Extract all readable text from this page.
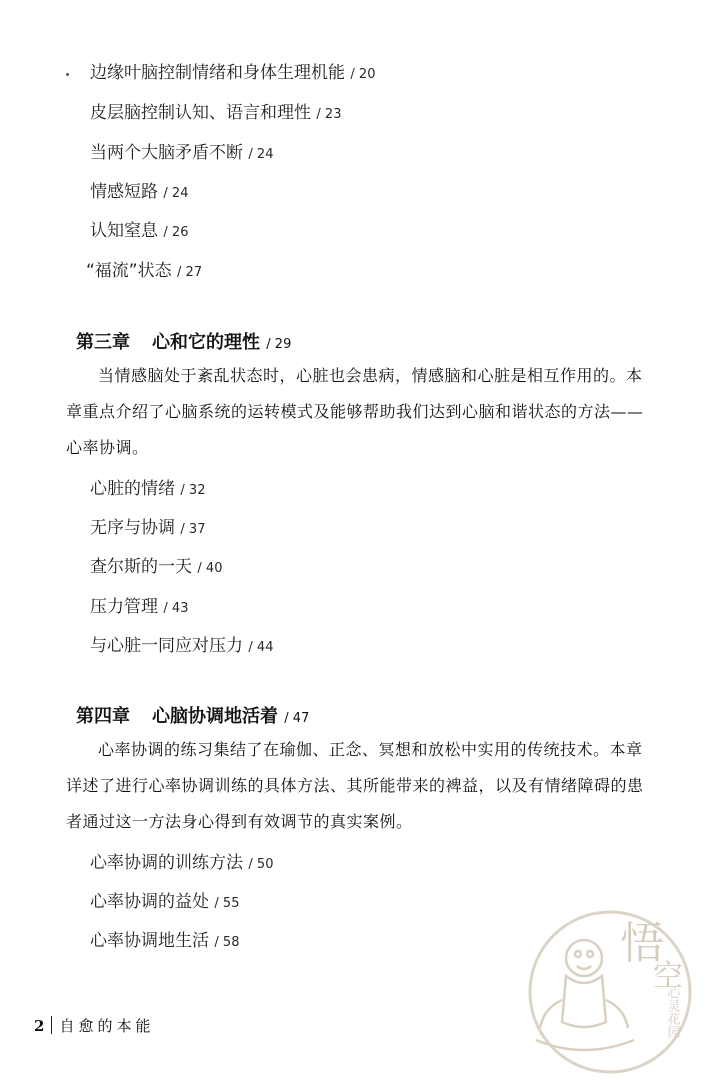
边缘叶脑控制情绪和身体生理机能 / 20
皮层脑控制认知、语言和理性 / 23
当两个大脑矛盾不断 / 24
情感短路 / 24
认知窒息 / 26
“福流”状态 / 27
第三章 心和它的理性 / 29
当情感脑处于紊乱状态时，心脏也会患病，情感脑和心脏是相互作用的。本章重点介绍了心脑系统的运转模式及能够帮助我们达到心脑和谐状态的方法——心率协调。
心脏的情绪 / 32
无序与协调 / 37
查尔斯的一天 / 40
压力管理 / 43
与心脏一同应对压力 / 44
第四章 心脑协调地活着 / 47
心率协调的练习集结了在瑜伽、正念、冥想和放松中实用的传统技术。本章详述了进行心率协调训练的具体方法、其所能带来的裨益，以及有情绪障碍的患者通过这一方法身心得到有效调节的真实案例。
心率协调的训练方法 / 50
心率协调的益处 / 55
心率协调地生活 / 58
2 自愈的本能
悟
空
心灵花园
